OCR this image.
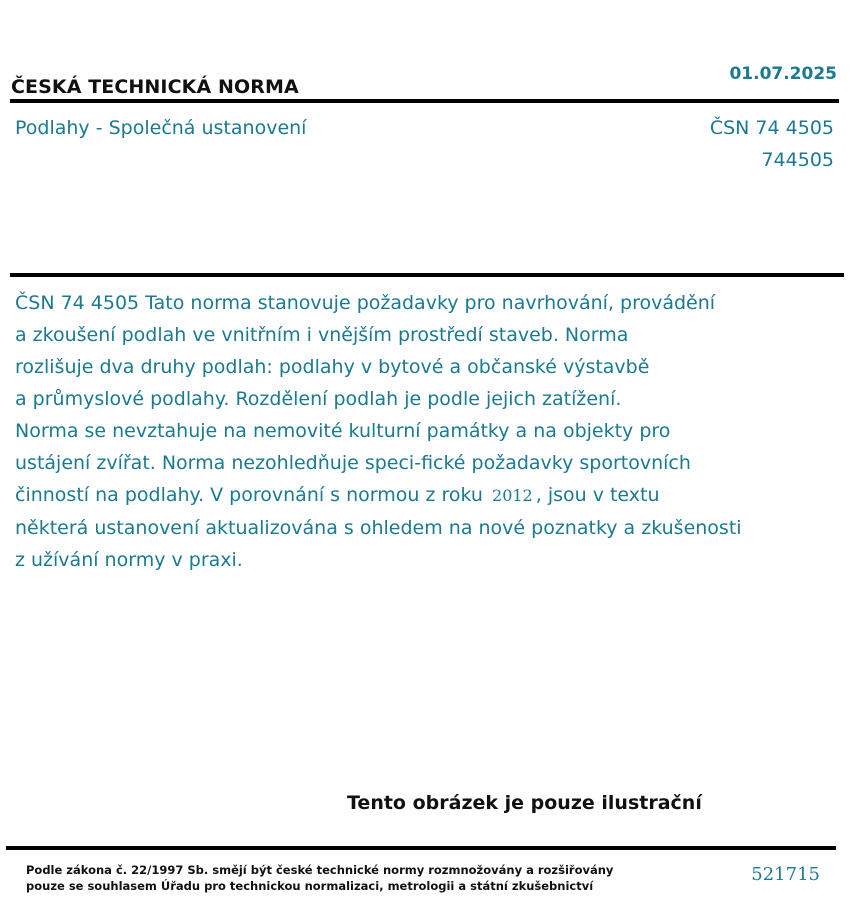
01.07.2025
ČESKÁ TECHNICKÁ NORMA
Podlahy - Společná ustanovení	ČSN 74 4505
744505

ČSN 74 4505 Tato norma stanovuje požadavky pro navrhování, provádění

a zkoušení podlah ve vnitřním i vnějším prostředí staveb. Norma

rozlišuje dva druhy podlah: podlahy v bytové a občanské výstavbě

a průmyslové podlahy. Rozdělení podlah je podle jejich zatížení.

Norma se nevztahuje na nemovité kulturní památky a na objekty pro

ustájení zvířat. Norma nezohledňuje speci-fické požadavky sportovních

činností na podlahy. V porovnání s normou z roku 2012 , jsou v textu

některá ustanovení aktualizována s ohledem na nové poznatky a zkušenosti

z užívání normy v praxi.

Tento obrázek je pouze ilustrační
Podle zákona č. 22/1997 Sb. smějí být české technické normy rozmnožovány a rozšiřovány
pouze se souhlasem Úřadu pro technickou normalizaci, metrologii a státní zkušebnictví
521715
